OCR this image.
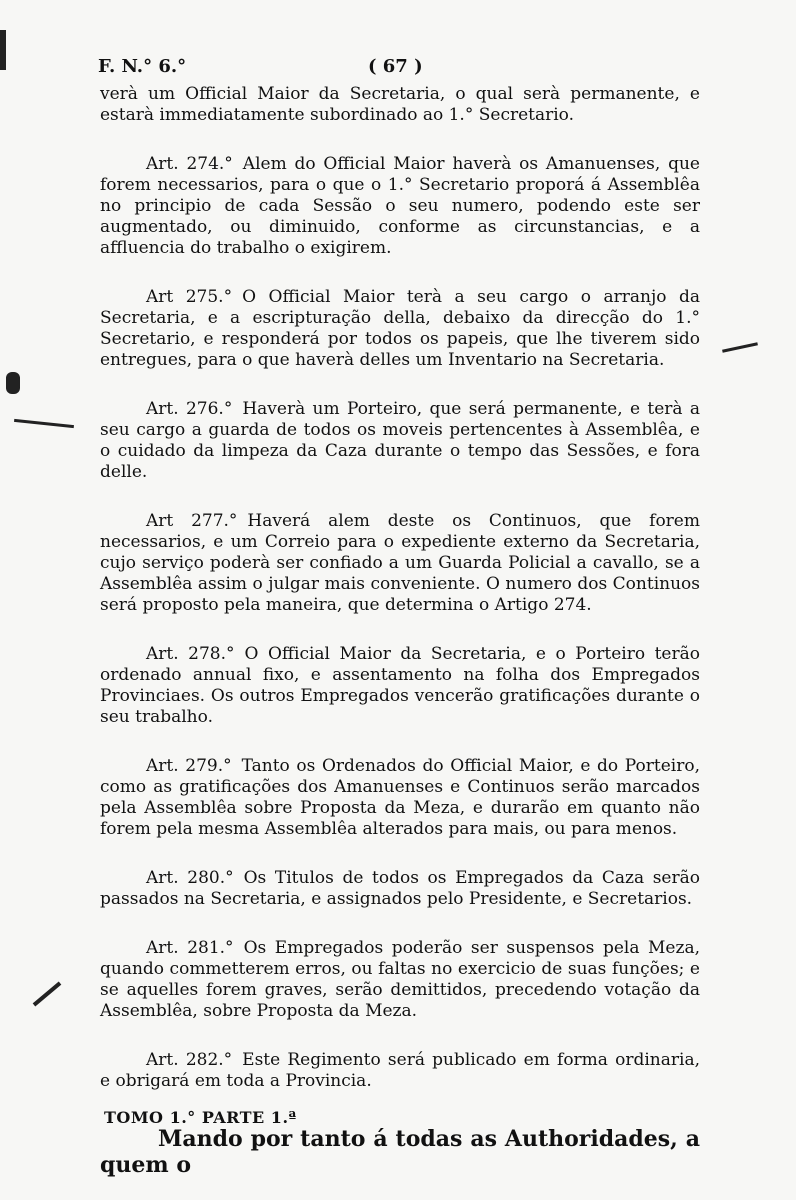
F. N.° 6.°	( 67 )

verà um Official Maior da Secretaria, o qual serà permanente, e estarà immediatamente subordinado ao 1.° Secretario.

Art. 274.° Alem do Official Maior haverà os Amanuenses, que forem necessarios, para o que o 1.° Secretario proporá á Assemblêa no principio de cada Sessão o seu numero, podendo este ser augmentado, ou diminuido, conforme as circunstancias, e a affluencia do trabalho o exigirem.

Art 275.° O Official Maior terà a seu cargo o arranjo da Secretaria, e a escripturação della, debaixo da direcção do 1.° Secretario, e responderá por todos os papeis, que lhe tiverem sido entregues, para o que haverà delles um Inventario na Secretaria.

Art. 276.° Haverà um Porteiro, que será permanente, e terà a seu cargo a guarda de todos os moveis pertencentes à Assemblêa, e o cuidado da limpeza da Caza durante o tempo das Sessões, e fora delle.

Art 277.° Haverá alem deste os Continuos, que forem necessarios, e um Correio para o expediente externo da Secretaria, cujo serviço poderà ser confiado a um Guarda Policial a cavallo, se a Assemblêa assim o julgar mais conveniente. O numero dos Continuos será proposto pela maneira, que determina o Artigo 274.

Art. 278.° O Official Maior da Secretaria, e o Porteiro terão ordenado annual fixo, e assentamento na folha dos Empregados Provinciaes. Os outros Empregados vencerão gratificações durante o seu trabalho.

Art. 279.° Tanto os Ordenados do Official Maior, e do Porteiro, como as gratificações dos Amanuenses e Continuos serão marcados pela Assemblêa sobre Proposta da Meza, e durarão em quanto não forem pela mesma Assemblêa alterados para mais, ou para menos.

Art. 280.° Os Titulos de todos os Empregados da Caza serão passados na Secretaria, e assignados pelo Presidente, e Secretarios.

Art. 281.° Os Empregados poderão ser suspensos pela Meza, quando commetterem erros, ou faltas no exercicio de suas funções; e se aquelles forem graves, serão demittidos, precedendo votação da Assemblêa, sobre Proposta da Meza.

Art. 282.° Este Regimento será publicado em forma ordinaria, e obrigará em toda a Provincia.

Mando por tanto á todas as Authoridades, a quem o

TOMO 1.° PARTE 1.ª
